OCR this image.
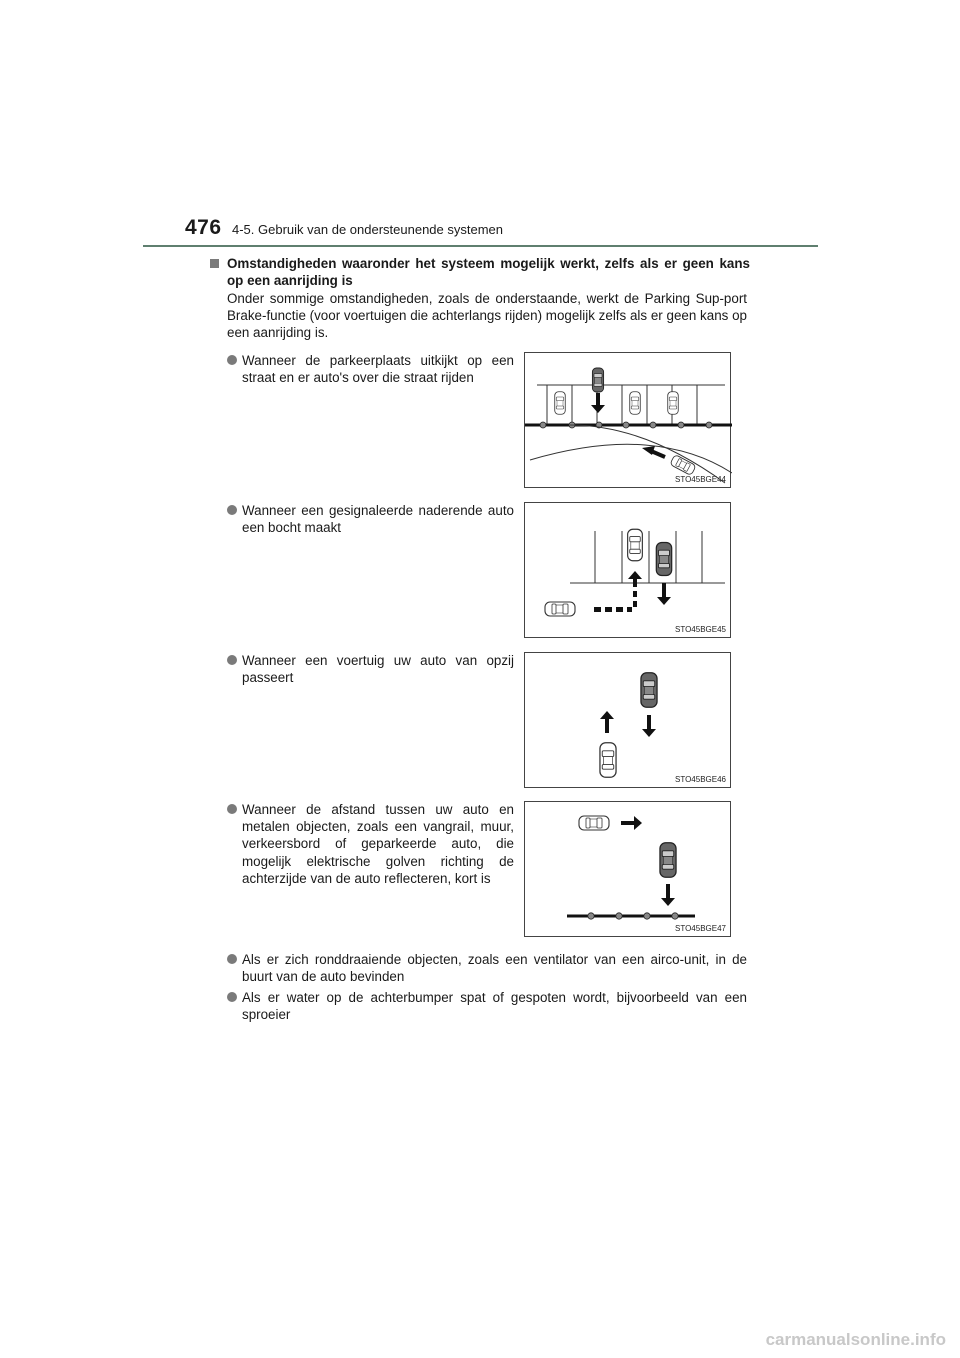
476 4-5. Gebruik van de ondersteunende systemen
Omstandigheden waaronder het systeem mogelijk werkt, zelfs als er geen kans op een aanrijding is
Onder sommige omstandigheden, zoals de onderstaande, werkt de Parking Sup-port Brake-functie (voor voertuigen die achterlangs rijden) mogelijk zelfs als er geen kans op een aanrijding is.
Wanneer de parkeerplaats uitkijkt op een straat en er auto's over die straat rijden
Wanneer een gesignaleerde naderende auto een bocht maakt
Wanneer een voertuig uw auto van opzij passeert
Wanneer de afstand tussen uw auto en metalen objecten, zoals een vangrail, muur, verkeersbord of geparkeerde auto, die mogelijk elektrische golven richting de achterzijde van de auto reflecteren, kort is
Als er zich ronddraaiende objecten, zoals een ventilator van een airco-unit, in de buurt van de auto bevinden
Als er water op de achterbumper spat of gespoten wordt, bijvoorbeeld van een sproeier
STO45BGE44
STO45BGE45
STO45BGE46
STO45BGE47
carmanualsonline.info
